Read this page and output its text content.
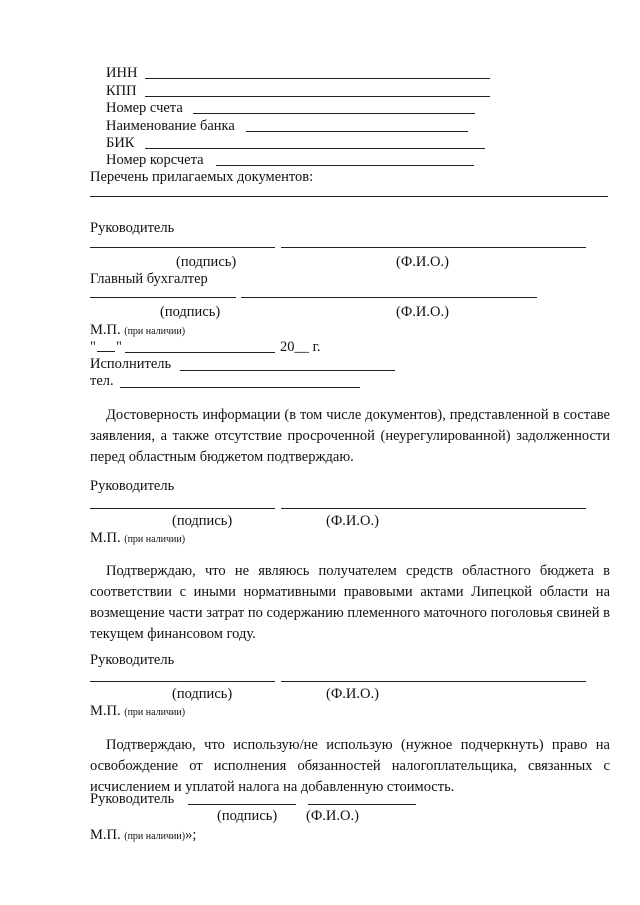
ИНН
КПП
Номер счета
Наименование банка
БИК
Номер корсчета
Перечень прилагаемых документов:
Руководитель
(подпись)	(Ф.И.О.)
Главный бухгалтер
(подпись)	(Ф.И.О.)
М.П. (при наличии)
" "	20__ г.
Исполнитель
тел.
Достоверность информации (в том числе документов), представленной в составе заявления, а также отсутствие просроченной (неурегулированной) задолженности перед областным бюджетом подтверждаю.
Руководитель
(подпись)	(Ф.И.О.)
М.П. (при наличии)
Подтверждаю, что не являюсь получателем средств областного бюджета в соответствии с иными нормативными правовыми актами Липецкой области на возмещение части затрат по содержанию племенного маточного поголовья свиней в текущем финансовом году.
Руководитель
(подпись)	(Ф.И.О.)
М.П. (при наличии)
Подтверждаю, что использую/не использую (нужное подчеркнуть) право на освобождение от исполнения обязанностей налогоплательщика, связанных с исчислением и уплатой налога на добавленную стоимость.
Руководитель
(подпись) (Ф.И.О.)
М.П. (при наличии)»;
